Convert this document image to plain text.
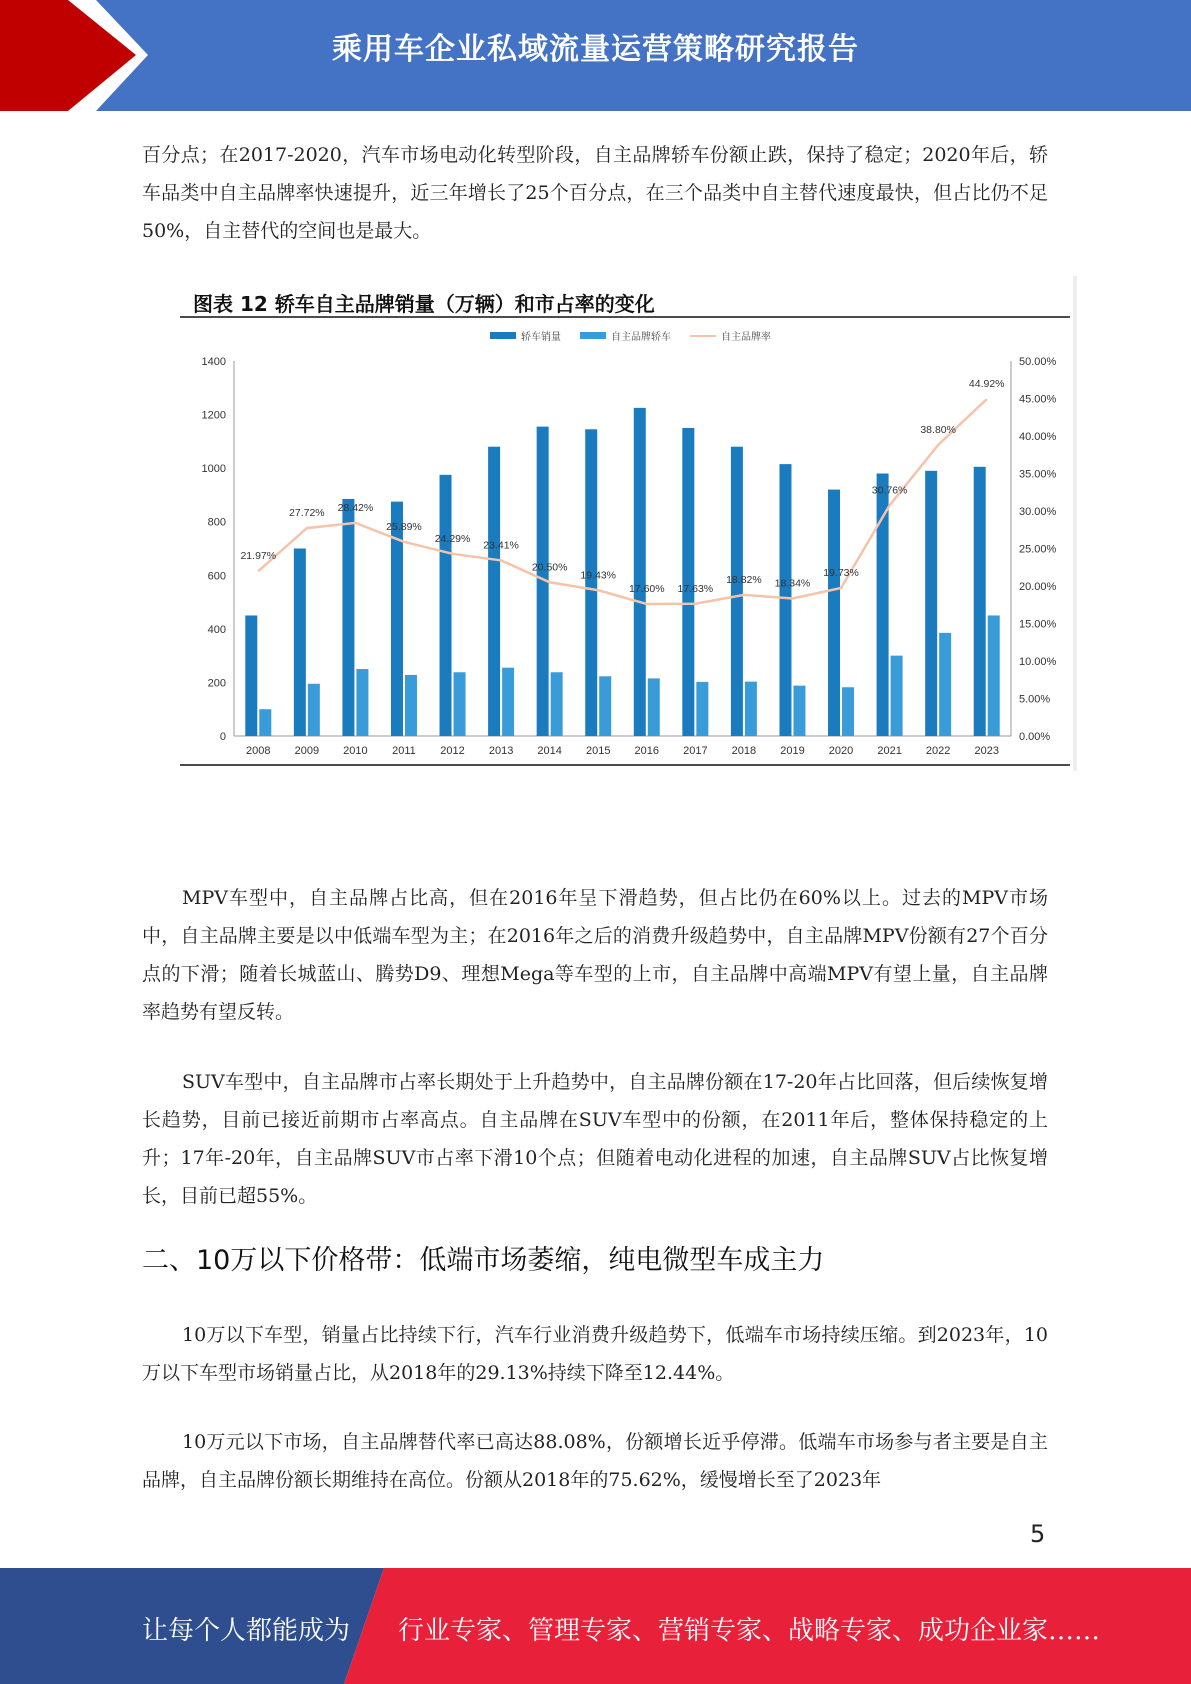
乘用车企业私域流量运营策略研究报告

百分点；在2017-2020，汽车市场电动化转型阶段，自主品牌轿车份额止跌，保持了稳定；2020年后，轿车品类中自主品牌率快速提升，近三年增长了25个百分点，在三个品类中自主替代速度最快，但占比仍不足50%，自主替代的空间也是最大。

图表 12 轿车自主品牌销量（万辆）和市占率的变化
0
200
400
600
800
1000
1200
1400
0.00%
5.00%
10.00%
15.00%
20.00%
25.00%
30.00%
35.00%
40.00%
45.00%
50.00%
2008 2009 2010 2011 2012 2013 2014 2015 2016 2017 2018 2019 2020 2021 2022 2023
21.97%
27.72% 28.42%
25.89%
24.29%
23.41%
20.50%
19.43%
17.60% 17.63%
18.82% 18.34%
19.73%
30.76%
38.80%
44.92%
轿车销量	自主品牌轿车	自主品牌率

MPV车型中，自主品牌占比高，但在2016年呈下滑趋势，但占比仍在60%以上。过去的MPV市场中，自主品牌主要是以中低端车型为主；在2016年之后的消费升级趋势中，自主品牌MPV份额有27个百分点的下滑；随着长城蓝山、腾势D9、理想Mega等车型的上市，自主品牌中高端MPV有望上量，自主品牌率趋势有望反转。

SUV车型中，自主品牌市占率长期处于上升趋势中，自主品牌份额在17-20年占比回落，但后续恢复增长趋势，目前已接近前期市占率高点。自主品牌在SUV车型中的份额，在2011年后，整体保持稳定的上升；17年-20年，自主品牌SUV市占率下滑10个点；但随着电动化进程的加速，自主品牌SUV占比恢复增长，目前已超55%。

二、10万以下价格带：低端市场萎缩，纯电微型车成主力

10万以下车型，销量占比持续下行，汽车行业消费升级趋势下，低端车市场持续压缩。到2023年，10万以下车型市场销量占比，从2018年的29.13%持续下降至12.44%。

10万元以下市场，自主品牌替代率已高达88.08%，份额增长近乎停滞。低端车市场参与者主要是自主品牌，自主品牌份额长期维持在高位。份额从2018年的75.62%，缓慢增长至了2023年

5
让每个人都能成为 行业专家、管理专家、营销专家、战略专家、成功企业家……
